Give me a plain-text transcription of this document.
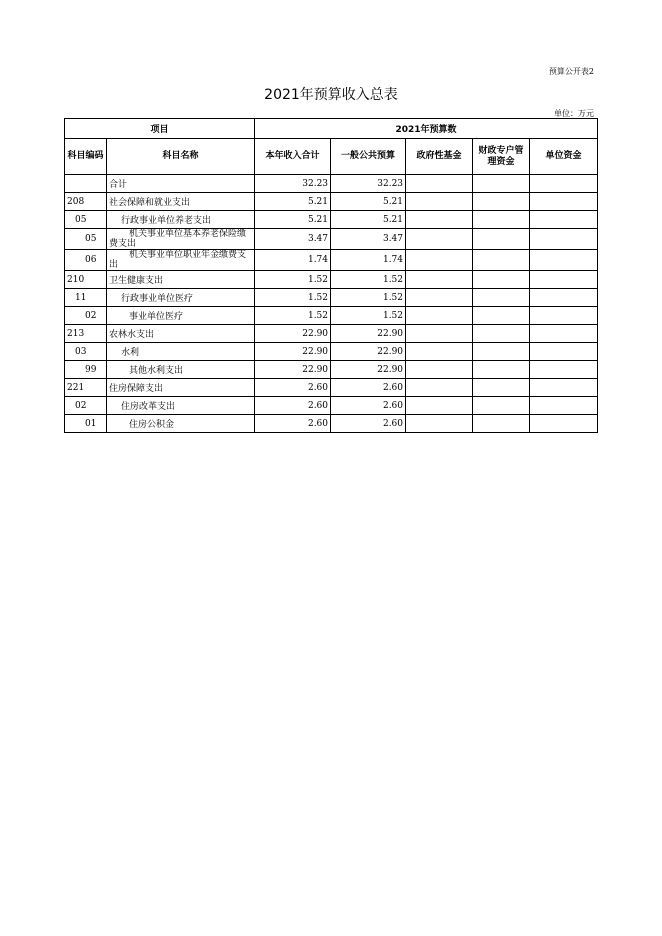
预算公开表2
2021年预算收入总表
单位：万元
项目		2021年预算数				
科目编码	科目名称	本年收入合计	一般公共预算	政府性基金	财政专户管理资金	单位资金
	合计	32.23	32.23			
208	社会保障和就业支出	5.21	5.21			
05	行政事业单位养老支出	5.21	5.21			
05	机关事业单位基本养老保险缴费支出	3.47	3.47			
06	机关事业单位职业年金缴费支出	1.74	1.74			
210	卫生健康支出	1.52	1.52			
11	行政事业单位医疗	1.52	1.52			
02	事业单位医疗	1.52	1.52			
213	农林水支出	22.90	22.90			
03	水利	22.90	22.90			
99	其他水利支出	22.90	22.90			
221	住房保障支出	2.60	2.60			
02	住房改革支出	2.60	2.60			
01	住房公积金	2.60	2.60			
